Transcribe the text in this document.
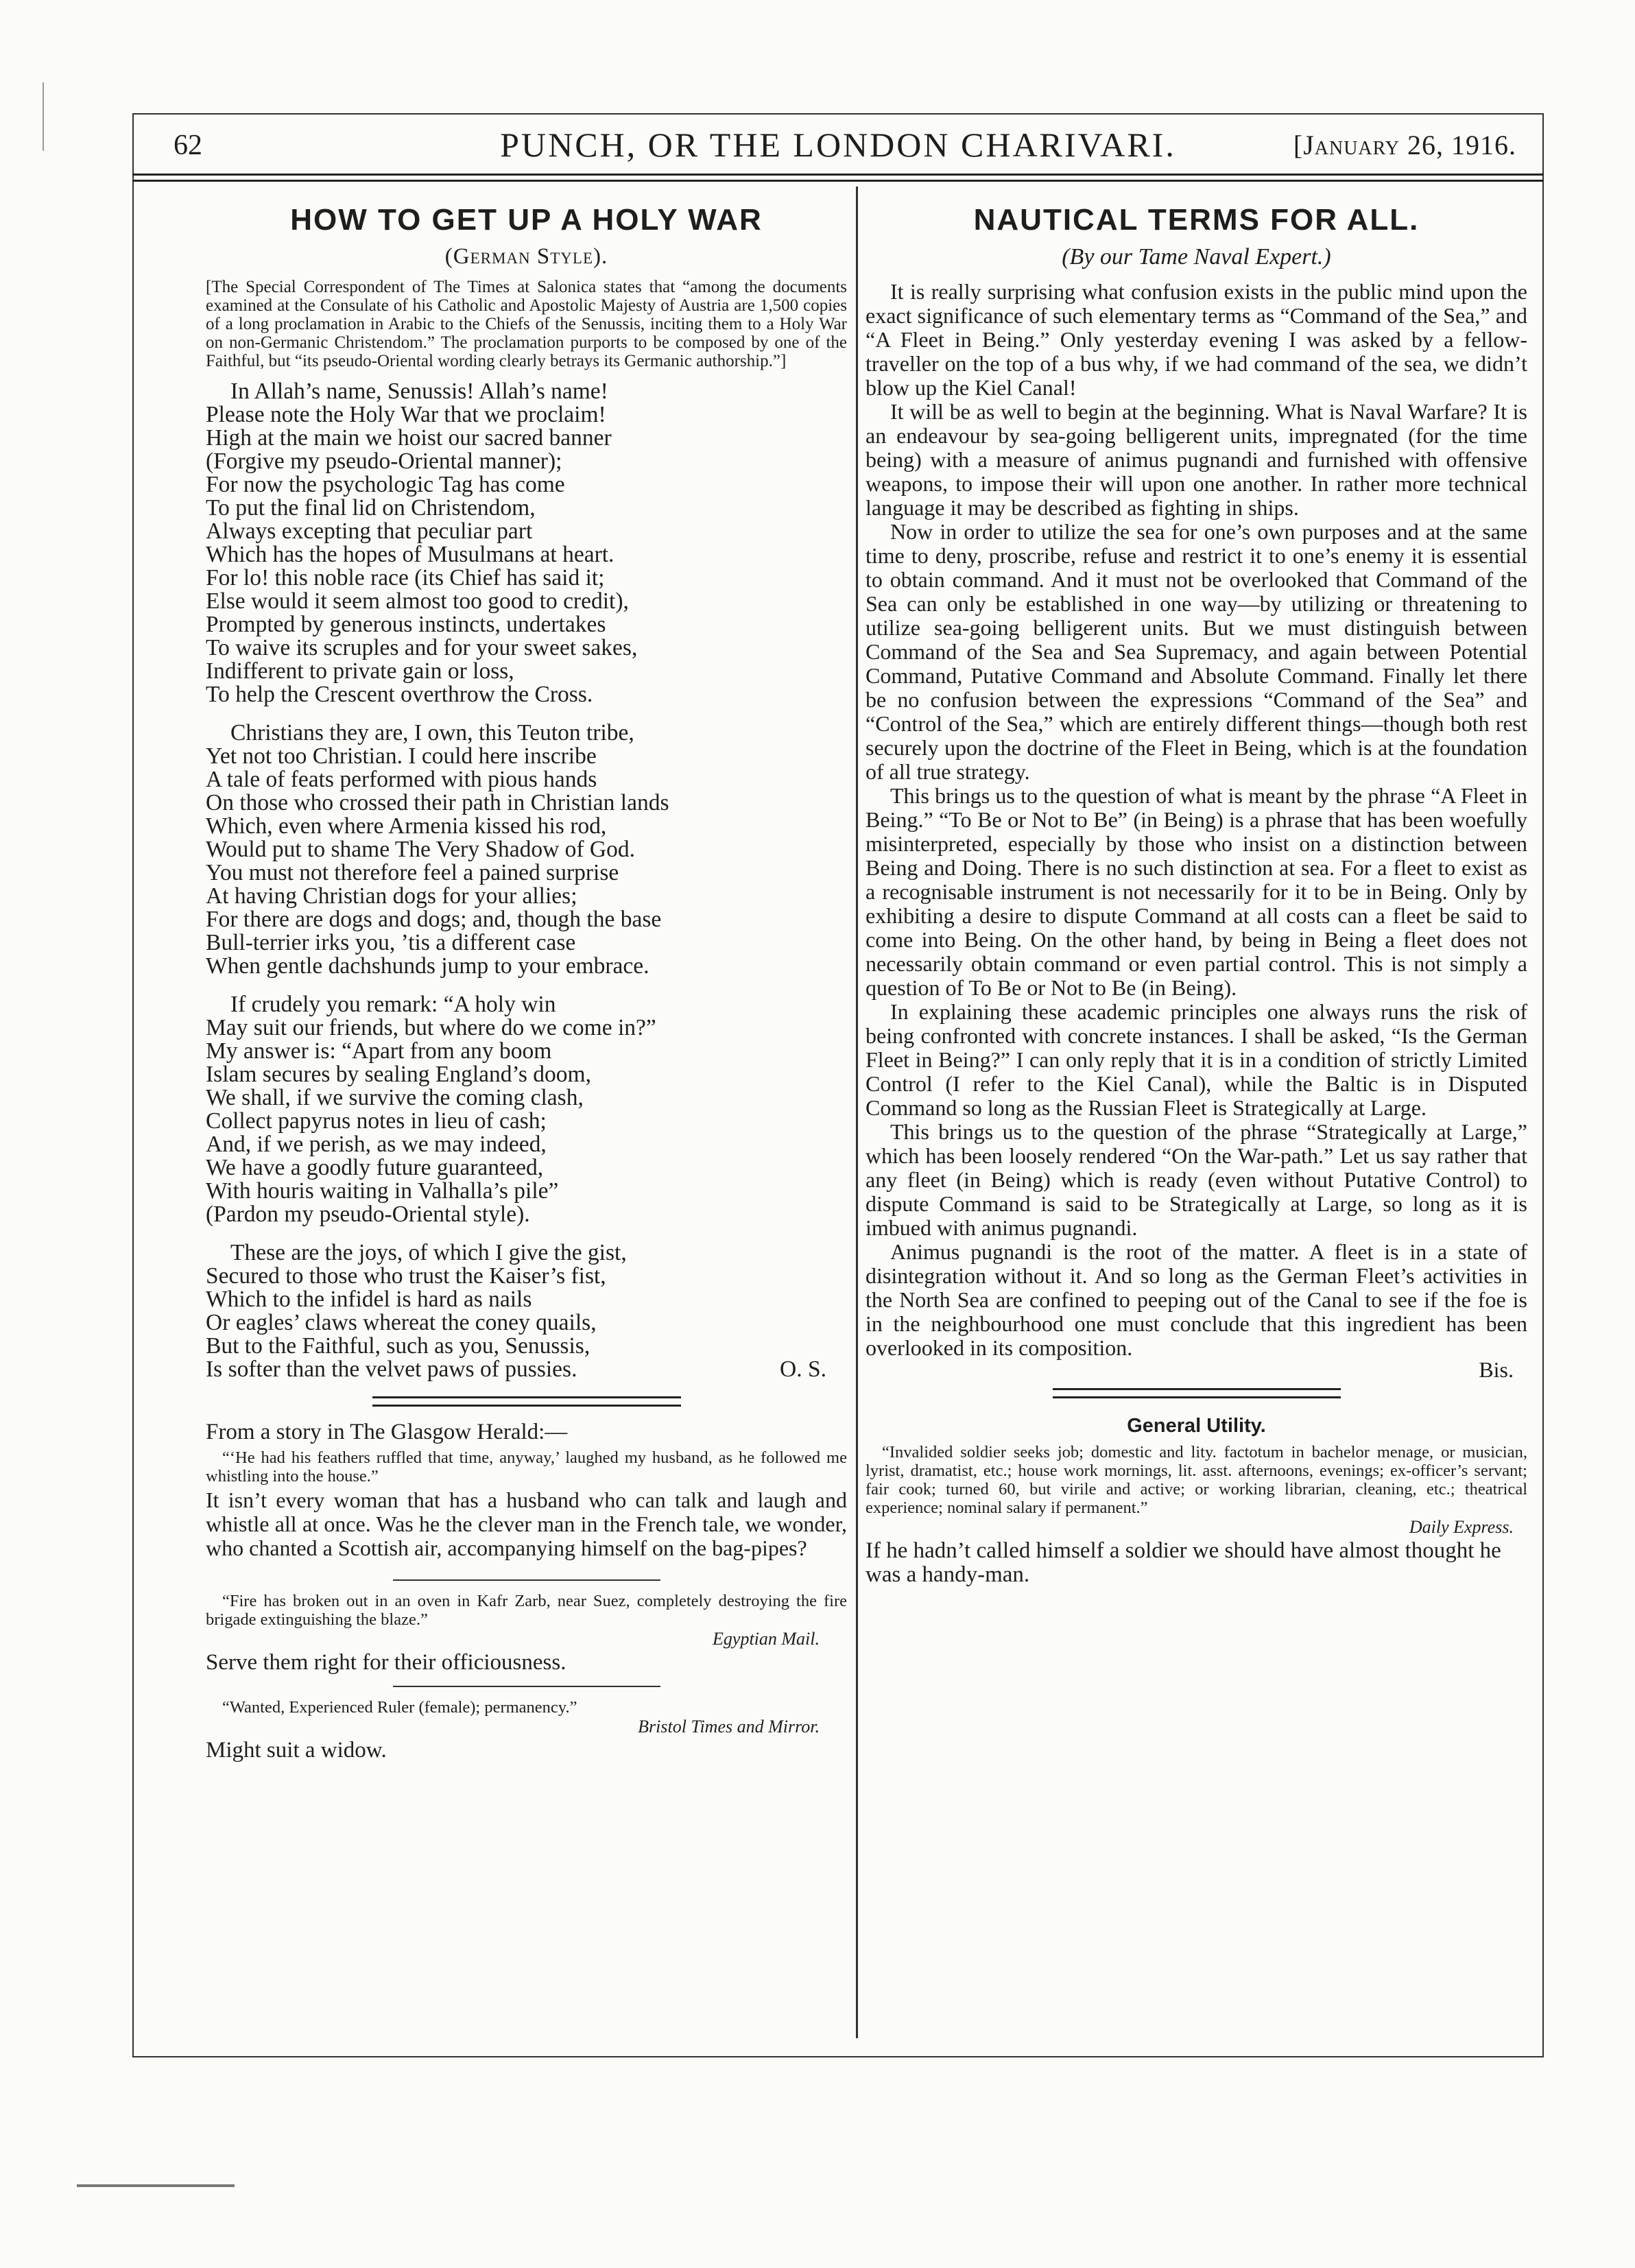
62	PUNCH, OR THE LONDON CHARIVARI.	[January 26, 1916.
HOW TO GET UP A HOLY WAR
(German Style).

[The Special Correspondent of The Times at Salonica states that “among the documents examined at the Consulate of his Catholic and Apostolic Majesty of Austria are 1,500 copies of a long proclamation in Arabic to the Chiefs of the Senussis, inciting them to a Holy War on non-Germanic Christendom.” The proclamation purports to be composed by one of the Faithful, but “its pseudo-Oriental wording clearly betrays its Germanic authorship.”]

In Allah’s name, Senussis! Allah’s name!
Please note the Holy War that we proclaim!
High at the main we hoist our sacred banner
(Forgive my pseudo-Oriental manner);
For now the psychologic Tag has come
To put the final lid on Christendom,
Always excepting that peculiar part
Which has the hopes of Musulmans at heart.
For lo! this noble race (its Chief has said it;
Else would it seem almost too good to credit),
Prompted by generous instincts, undertakes
To waive its scruples and for your sweet sakes,
Indifferent to private gain or loss,
To help the Crescent overthrow the Cross.
Christians they are, I own, this Teuton tribe,
Yet not too Christian. I could here inscribe
A tale of feats performed with pious hands
On those who crossed their path in Christian lands
Which, even where Armenia kissed his rod,
Would put to shame The Very Shadow of God.
You must not therefore feel a pained surprise
At having Christian dogs for your allies;
For there are dogs and dogs; and, though the base
Bull-terrier irks you, ’tis a different case
When gentle dachshunds jump to your embrace.
If crudely you remark: “A holy win
May suit our friends, but where do we come in?”
My answer is: “Apart from any boom
Islam secures by sealing England’s doom,
We shall, if we survive the coming clash,
Collect papyrus notes in lieu of cash;
And, if we perish, as we may indeed,
We have a goodly future guaranteed,
With houris waiting in Valhalla’s pile”
(Pardon my pseudo-Oriental style).
These are the joys, of which I give the gist,
Secured to those who trust the Kaiser’s fist,
Which to the infidel is hard as nails
Or eagles’ claws whereat the coney quails,
But to the Faithful, such as you, Senussis,
Is softer than the velvet paws of pussies.	O. S.

From a story in The Glasgow Herald:—

“‘He had his feathers ruffled that time, anyway,’ laughed my husband, as he followed me whistling into the house.”

It isn’t every woman that has a husband who can talk and laugh and whistle all at once. Was he the clever man in the French tale, we wonder, who chanted a Scottish air, accompanying himself on the bag-pipes?

“Fire has broken out in an oven in Kafr Zarb, near Suez, completely destroying the fire brigade extinguishing the blaze.”

Egyptian Mail.

Serve them right for their officiousness.

“Wanted, Experienced Ruler (female); permanency.”

Bristol Times and Mirror.

Might suit a widow.

NAUTICAL TERMS FOR ALL.
(By our Tame Naval Expert.)

It is really surprising what confusion exists in the public mind upon the exact significance of such elementary terms as “Command of the Sea,” and “A Fleet in Being.” Only yesterday evening I was asked by a fellow-traveller on the top of a bus why, if we had command of the sea, we didn’t blow up the Kiel Canal!

It will be as well to begin at the beginning. What is Naval Warfare? It is an endeavour by sea-going belligerent units, impregnated (for the time being) with a measure of animus pugnandi and furnished with offensive weapons, to impose their will upon one another. In rather more technical language it may be described as fighting in ships.

Now in order to utilize the sea for one’s own purposes and at the same time to deny, proscribe, refuse and restrict it to one’s enemy it is essential to obtain command. And it must not be overlooked that Command of the Sea can only be established in one way—by utilizing or threatening to utilize sea-going belligerent units. But we must distinguish between Command of the Sea and Sea Supremacy, and again between Potential Command, Putative Command and Absolute Command. Finally let there be no confusion between the expressions “Command of the Sea” and “Control of the Sea,” which are entirely different things—though both rest securely upon the doctrine of the Fleet in Being, which is at the foundation of all true strategy.

This brings us to the question of what is meant by the phrase “A Fleet in Being.” “To Be or Not to Be” (in Being) is a phrase that has been woefully misinterpreted, especially by those who insist on a distinction between Being and Doing. There is no such distinction at sea. For a fleet to exist as a recognisable instrument is not necessarily for it to be in Being. Only by exhibiting a desire to dispute Command at all costs can a fleet be said to come into Being. On the other hand, by being in Being a fleet does not necessarily obtain command or even partial control. This is not simply a question of To Be or Not to Be (in Being).

In explaining these academic principles one always runs the risk of being confronted with concrete instances. I shall be asked, “Is the German Fleet in Being?” I can only reply that it is in a condition of strictly Limited Control (I refer to the Kiel Canal), while the Baltic is in Disputed Command so long as the Russian Fleet is Strategically at Large.

This brings us to the question of the phrase “Strategically at Large,” which has been loosely rendered “On the War-path.” Let us say rather that any fleet (in Being) which is ready (even without Putative Control) to dispute Command is said to be Strategically at Large, so long as it is imbued with animus pugnandi.

Animus pugnandi is the root of the matter. A fleet is in a state of disintegration without it. And so long as the German Fleet’s activities in the North Sea are confined to peeping out of the Canal to see if the foe is in the neighbourhood one must conclude that this ingredient has been overlooked in its composition.

Bis.

General Utility.

“Invalided soldier seeks job; domestic and lity. factotum in bachelor menage, or musician, lyrist, dramatist, etc.; house work mornings, lit. asst. afternoons, evenings; ex-officer’s servant; fair cook; turned 60, but virile and active; or working librarian, cleaning, etc.; theatrical experience; nominal salary if permanent.”

Daily Express.

If he hadn’t called himself a soldier we should have almost thought he was a handy-man.
